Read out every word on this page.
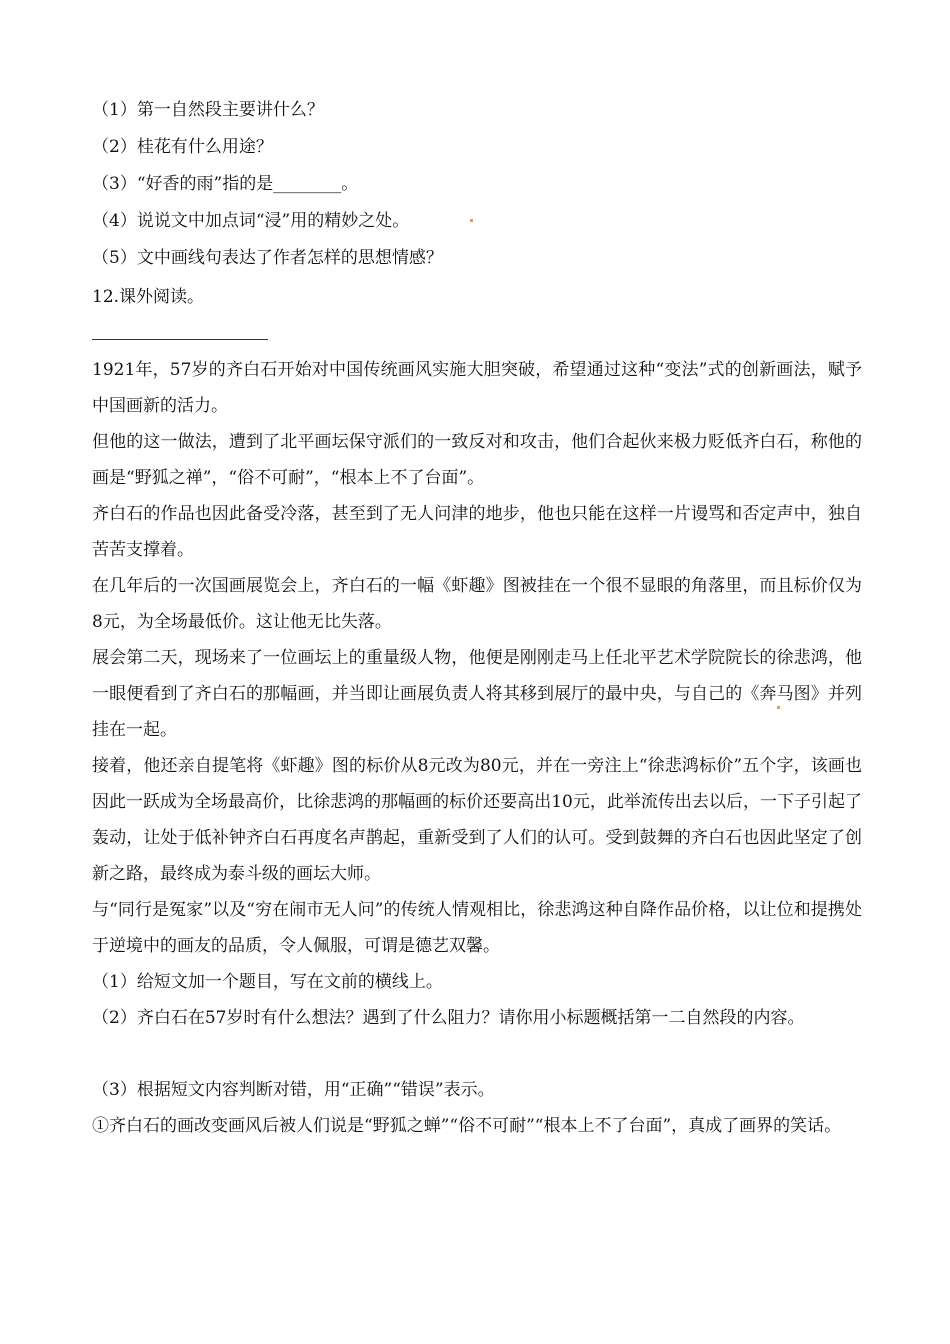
（1）第一自然段主要讲什么？
（2）桂花有什么用途？
（3）“好香的雨”指的是________。
（4）说说文中加点词“浸”用的精妙之处。
（5）文中画线句表达了作者怎样的思想情感？
12.课外阅读。
1921年，57岁的齐白石开始对中国传统画风实施大胆突破，希望通过这种“变法”式的创新画法，赋予中国画新的活力。
但他的这一做法，遭到了北平画坛保守派们的一致反对和攻击，他们合起伙来极力贬低齐白石，称他的画是“野狐之禅”，“俗不可耐”，“根本上不了台面”。
齐白石的作品也因此备受冷落，甚至到了无人问津的地步，他也只能在这样一片谩骂和否定声中，独自苦苦支撑着。
在几年后的一次国画展览会上，齐白石的一幅《虾趣》图被挂在一个很不显眼的角落里，而且标价仅为8元，为全场最低价。这让他无比失落。
展会第二天，现场来了一位画坛上的重量级人物，他便是刚刚走马上任北平艺术学院院长的徐悲鸿，他一眼便看到了齐白石的那幅画，并当即让画展负责人将其移到展厅的最中央，与自己的《奔马图》并列挂在一起。
接着，他还亲自提笔将《虾趣》图的标价从8元改为80元，并在一旁注上“徐悲鸿标价”五个字，该画也因此一跃成为全场最高价，比徐悲鸿的那幅画的标价还要高出10元，此举流传出去以后，一下子引起了轰动，让处于低补钟齐白石再度名声鹊起，重新受到了人们的认可。受到鼓舞的齐白石也因此坚定了创新之路，最终成为泰斗级的画坛大师。
与“同行是冤家”以及“穷在闹市无人问”的传统人情观相比，徐悲鸿这种自降作品价格，以让位和提携处于逆境中的画友的品质，令人佩服，可谓是德艺双馨。
（1）给短文加一个题目，写在文前的横线上。
（2）齐白石在57岁时有什么想法？遇到了什么阻力？请你用小标题概括第一二自然段的内容。
（3）根据短文内容判断对错，用“正确”“错误”表示。
①齐白石的画改变画风后被人们说是“野狐之蝉”“俗不可耐”“根本上不了台面”，真成了画界的笑话。
